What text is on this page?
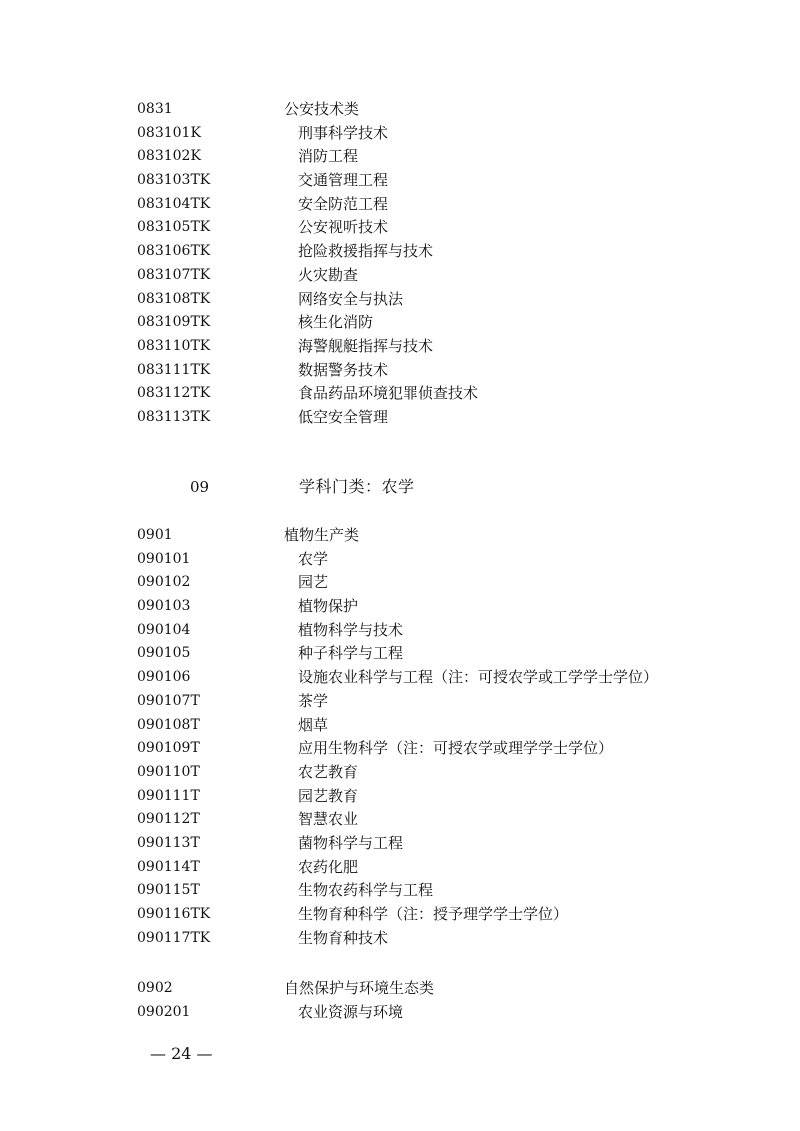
0831	公安技术类
083101K	刑事科学技术
083102K	消防工程
083103TK	交通管理工程
083104TK	安全防范工程
083105TK	公安视听技术
083106TK	抢险救援指挥与技术
083107TK	火灾勘查
083108TK	网络安全与执法
083109TK	核生化消防
083110TK	海警舰艇指挥与技术
083111TK	数据警务技术
083112TK	食品药品环境犯罪侦查技术
083113TK	低空安全管理
09	学科门类：农学
0901	植物生产类
090101	农学
090102	园艺
090103	植物保护
090104	植物科学与技术
090105	种子科学与工程
090106	设施农业科学与工程（注：可授农学或工学学士学位）
090107T	茶学
090108T	烟草
090109T	应用生物科学（注：可授农学或理学学士学位）
090110T	农艺教育
090111T	园艺教育
090112T	智慧农业
090113T	菌物科学与工程
090114T	农药化肥
090115T	生物农药科学与工程
090116TK	生物育种科学（注：授予理学学士学位）
090117TK	生物育种技术
0902	自然保护与环境生态类
090201	农业资源与环境
— 24 —
